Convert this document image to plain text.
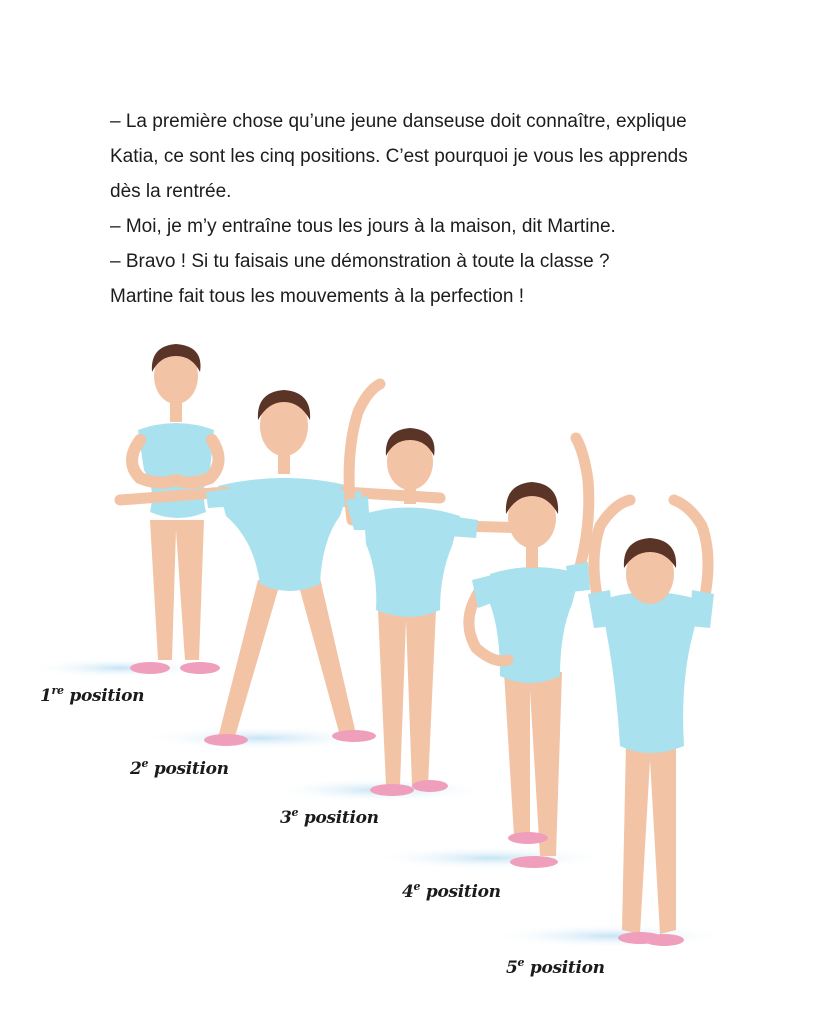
– La première chose qu’une jeune danseuse doit connaître, explique

Katia, ce sont les cinq positions. C’est pourquoi je vous les apprends

dès la rentrée.

– Moi, je m’y entraîne tous les jours à la maison, dit Martine.

– Bravo ! Si tu faisais une démonstration à toute la classe ?

Martine fait tous les mouvements à la perfection !

1re position
2e position
3e position
4e position
5e position
